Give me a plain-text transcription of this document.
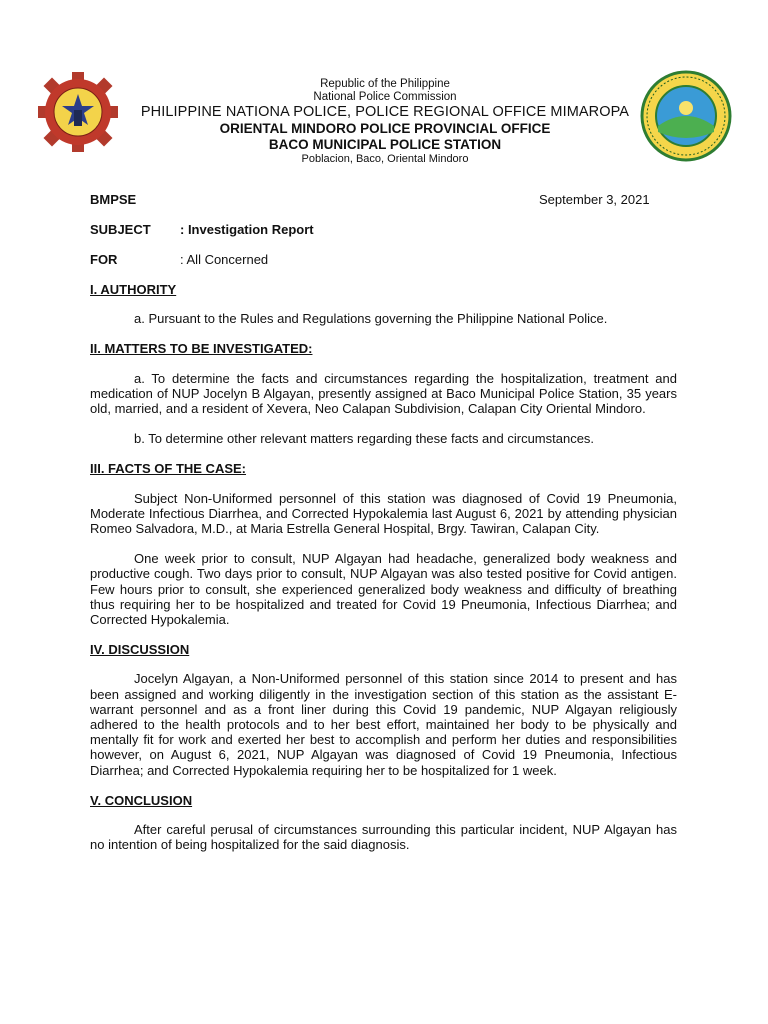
Republic of the Philippine
National Police Commission
PHILIPPINE NATIONA POLICE, POLICE REGIONAL OFFICE MIMAROPA
ORIENTAL MINDORO POLICE PROVINCIAL OFFICE
BACO MUNICIPAL POLICE STATION
Poblacion, Baco, Oriental Mindoro
BMPSE	September 3, 2021
SUBJECT : Investigation Report
FOR	: All Concerned
I. AUTHORITY

a. Pursuant to the Rules and Regulations governing the Philippine National Police.

II. MATTERS TO BE INVESTIGATED:

a. To determine the facts and circumstances regarding the hospitalization, treatment and medication of NUP Jocelyn B Algayan, presently assigned at Baco Municipal Police Station, 35 years old, married, and a resident of Xevera, Neo Calapan Subdivision, Calapan City Oriental Mindoro.

b. To determine other relevant matters regarding these facts and circumstances.

III. FACTS OF THE CASE:

Subject Non-Uniformed personnel of this station was diagnosed of Covid 19 Pneumonia, Moderate Infectious Diarrhea, and Corrected Hypokalemia last August 6, 2021 by attending physician Romeo Salvadora, M.D., at Maria Estrella General Hospital, Brgy. Tawiran, Calapan City.

One week prior to consult, NUP Algayan had headache, generalized body weakness and productive cough. Two days prior to consult, NUP Algayan was also tested positive for Covid antigen. Few hours prior to consult, she experienced generalized body weakness and difficulty of breathing thus requiring her to be hospitalized and treated for Covid 19 Pneumonia, Infectious Diarrhea; and Corrected Hypokalemia.

IV. DISCUSSION

Jocelyn Algayan, a Non-Uniformed personnel of this station since 2014 to present and has been assigned and working diligently in the investigation section of this station as the assistant E-warrant personnel and as a front liner during this Covid 19 pandemic, NUP Algayan religiously adhered to the health protocols and to her best effort, maintained her body to be physically and mentally fit for work and exerted her best to accomplish and perform her duties and responsibilities however, on August 6, 2021, NUP Algayan was diagnosed of Covid 19 Pneumonia, Infectious Diarrhea; and Corrected Hypokalemia requiring her to be hospitalized for 1 week.

V. CONCLUSION

After careful perusal of circumstances surrounding this particular incident, NUP Algayan has no intention of being hospitalized for the said diagnosis.
